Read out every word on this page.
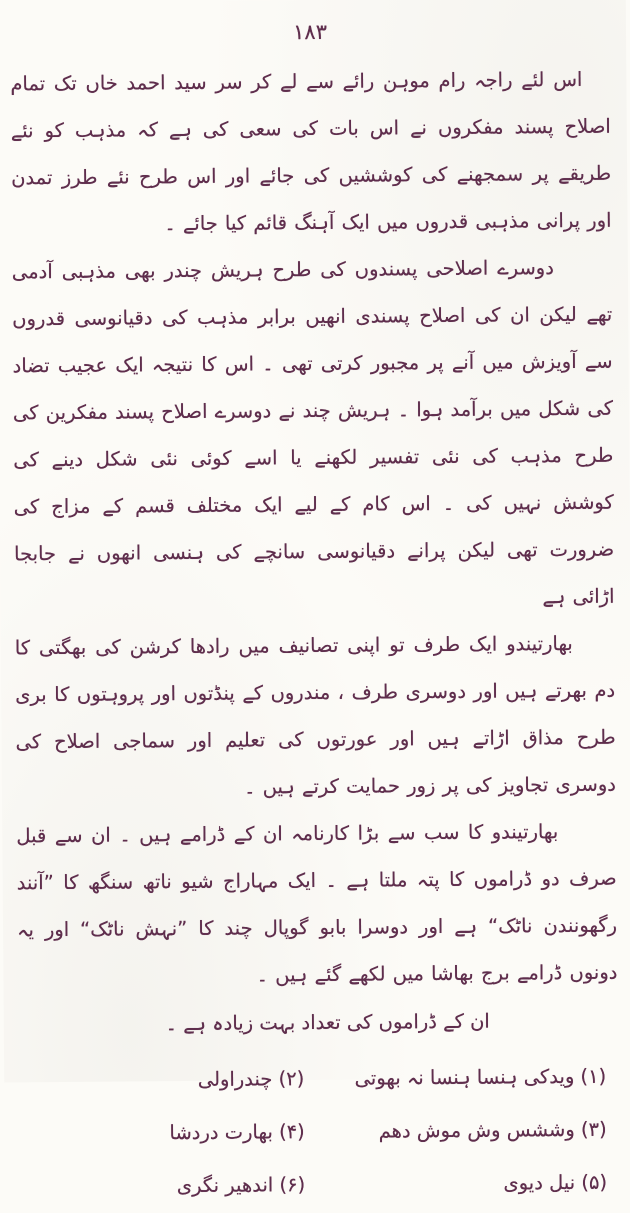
۱۸۳

اس لئے راجہ رام موہن رائے سے لے کر سر سید احمد خاں تک تمام اصلاح پسند مفکروں نے اس بات کی سعی کی ہے کہ مذہب کو نئے طریقے پر سمجھنے کی کوششیں کی جائے اور اس طرح نئے طرز تمدن اور پرانی مذہبی قدروں میں ایک آہنگ قائم کیا جائے ۔

دوسرے اصلاحی پسندوں کی طرح ہریش چندر بھی مذہبی آدمی تھے لیکن ان کی اصلاح پسندی انھیں برابر مذہب کی دقیانوسی قدروں سے آویزش میں آنے پر مجبور کرتی تھی ۔ اس کا نتیجہ ایک عجیب تضاد کی شکل میں برآمد ہوا ۔ ہریش چند نے دوسرے اصلاح پسند مفکرین کی طرح مذہب کی نئی تفسیر لکھنے یا اسے کوئی نئی شکل دینے کی کوشش نہیں کی ۔ اس کام کے لیے ایک مختلف قسم کے مزاج کی ضرورت تھی لیکن پرانے دقیانوسی سانچے کی ہنسی انھوں نے جابجا اڑائی ہے

بھارتیندو ایک طرف تو اپنی تصانیف میں رادھا کرشن کی بھگتی کا دم بھرتے ہیں اور دوسری طرف ، مندروں کے پنڈتوں اور پروہتوں کا بری طرح مذاق اڑاتے ہیں اور عورتوں کی تعلیم اور سماجی اصلاح کی دوسری تجاویز کی پر زور حمایت کرتے ہیں ۔

بھارتیندو کا سب سے بڑا کارنامہ ان کے ڈرامے ہیں ۔ ان سے قبل صرف دو ڈراموں کا پتہ ملتا ہے ۔ ایک مہاراج شیو ناتھ سنگھ کا ”آنند رگھونندن ناٹک“ ہے اور دوسرا بابو گوپال چند کا ”نہش ناٹک“ اور یہ دونوں ڈرامے برج بھاشا میں لکھے گئے ہیں ۔

ان کے ڈراموں کی تعداد بہت زیادہ ہے ۔

(۱) ویدکی ہنسا ہنسا نہ بھوتی
(۲) چندراولی
(۳) وششس وش موش دھم
(۴) بھارت دردشا
(۵) نیل دیوی
(۶) اندھیر نگری
